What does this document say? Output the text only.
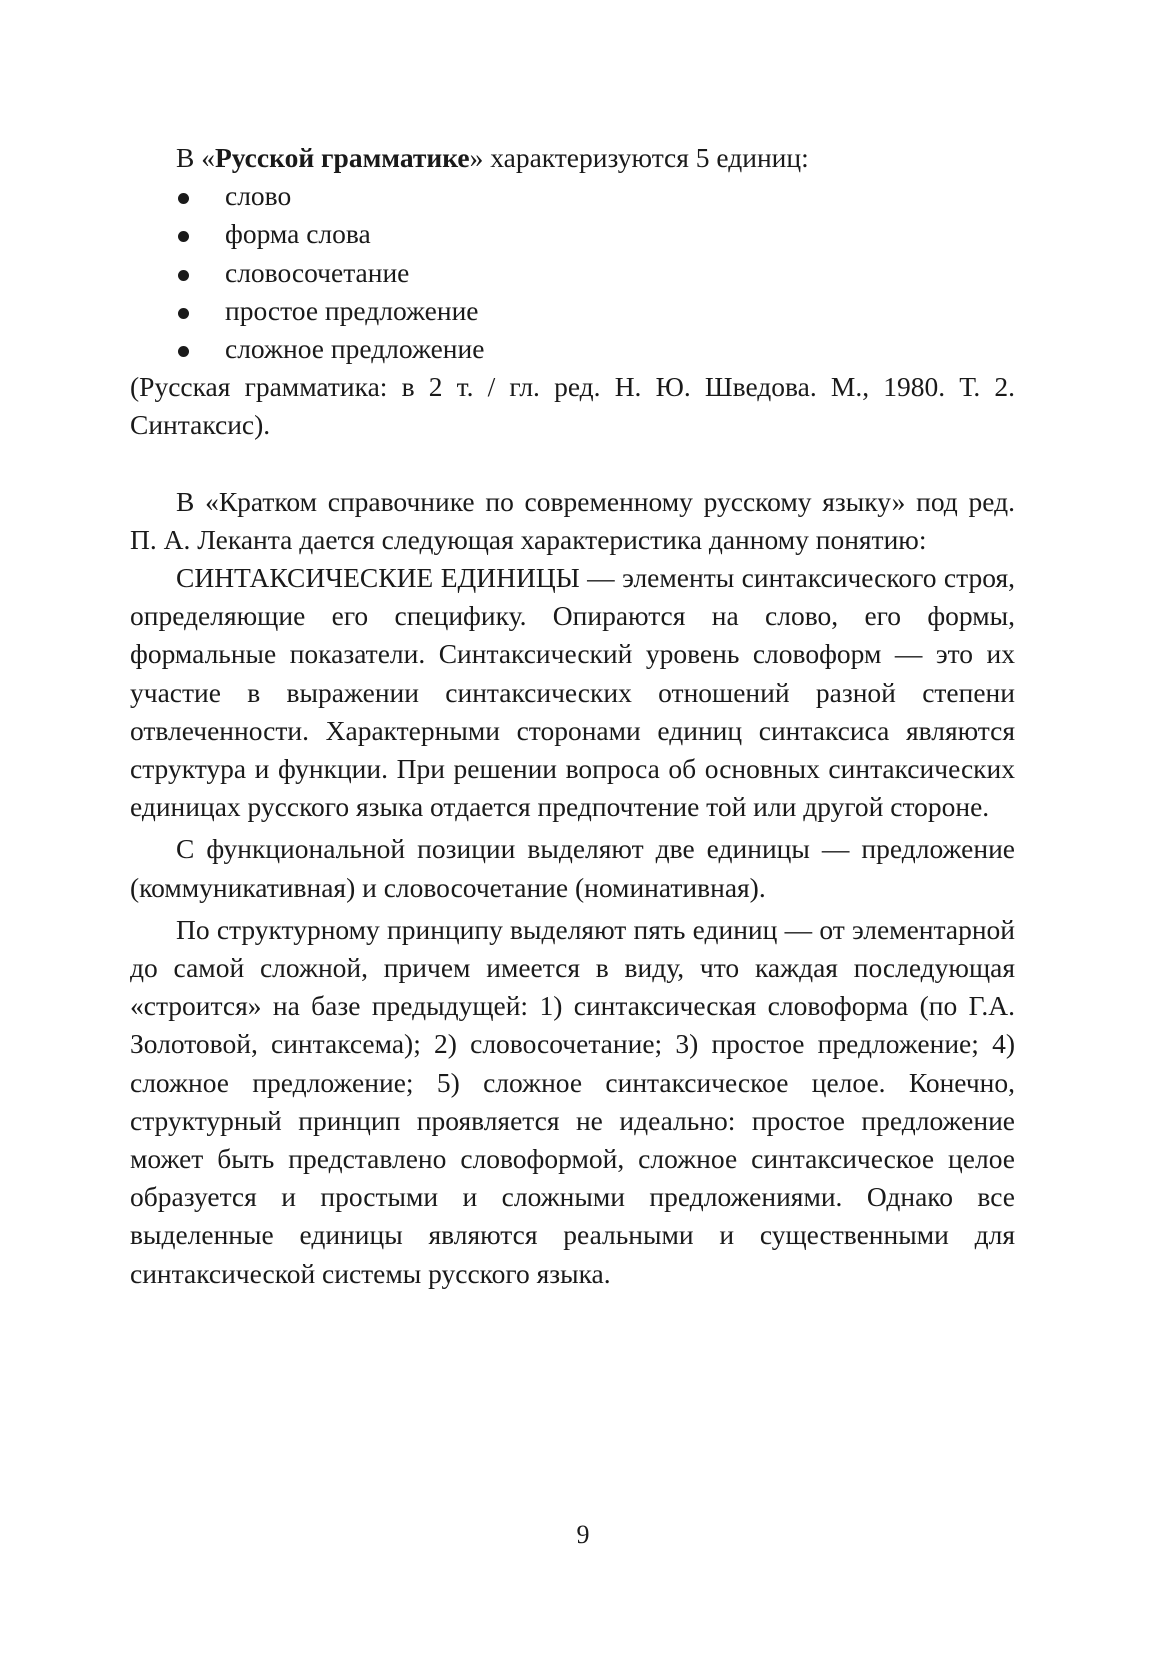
В «Русской грамматике» характеризуются 5 единиц:

слово
форма слова
словосочетание
простое предложение
сложное предложение

(Русская грамматика: в 2 т. / гл. ред. Н. Ю. Шведова. М., 1980. Т. 2. Синтаксис).

В «Кратком справочнике по современному русскому языку» под ред. П. А. Леканта дается следующая характеристика данному понятию:

СИНТАКСИЧЕСКИЕ ЕДИНИЦЫ — элементы синтаксического строя, определяющие его специфику. Опираются на слово, его формы, формальные показатели. Синтаксический уровень словоформ — это их участие в выражении синтаксических отношений разной степени отвлеченности. Характерными сторонами единиц синтаксиса являются структура и функции. При решении вопроса об основных синтаксических единицах русского языка отдается предпочтение той или другой стороне.

С функциональной позиции выделяют две единицы — предложение (коммуникативная) и словосочетание (номинативная).

По структурному принципу выделяют пять единиц — от элементарной до самой сложной, причем имеется в виду, что каждая последующая «строится» на базе предыдущей: 1) синтаксическая словоформа (по Г.А. Золотовой, синтаксема); 2) словосочетание; 3) простое предложение; 4) сложное предложение; 5) сложное синтаксическое целое. Конечно, структурный принцип проявляется не идеально: простое предложение может быть представлено словоформой, сложное синтаксическое целое образуется и простыми и сложными предложениями. Однако все выделенные единицы являются реальными и существенными для синтаксической системы русского языка.

9
